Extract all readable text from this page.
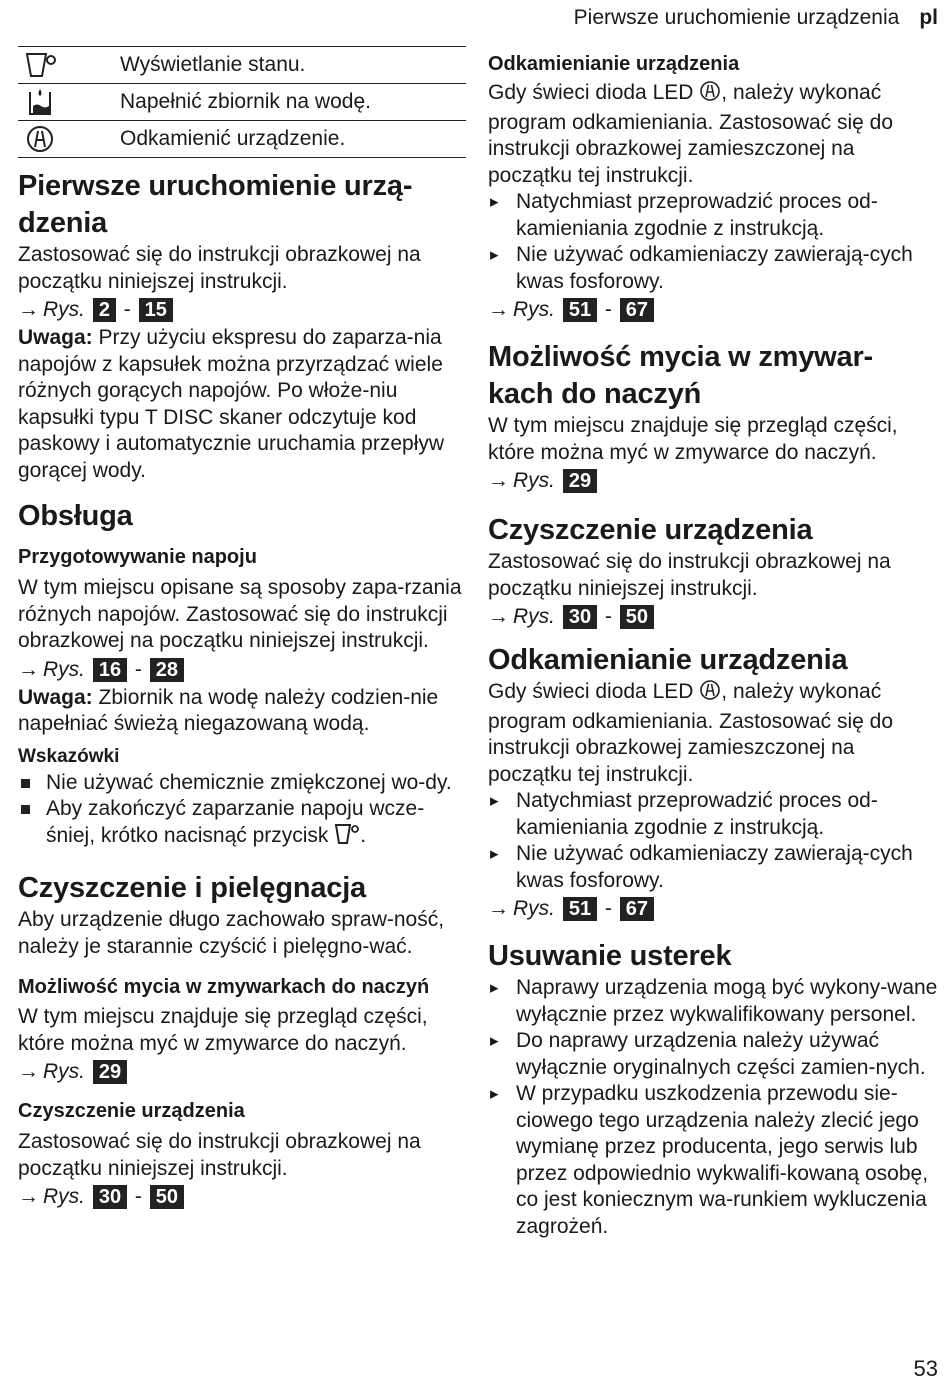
Pierwsze uruchomienie urządzenia pl
	Wyświetlanie stanu.

	Napełnić zbiornik na wodę.

	Odkamienić urządzenie.
Pierwsze uruchomienie urzą-
dzenia

Zastosować się do instrukcji obrazkowej na początku niniejszej instrukcji.

→ Rys. 2 - 15

Uwaga: Przy użyciu ekspresu do zaparza-nia napojów z kapsułek można przyrządzać wiele różnych gorących napojów. Po włoże-niu kapsułki typu T DISC skaner odczytuje kod paskowy i automatycznie uruchamia przepływ gorącej wody.

Obsługa
Przygotowywanie napoju

W tym miejscu opisane są sposoby zapa-rzania różnych napojów. Zastosować się do instrukcji obrazkowej na początku niniejszej instrukcji.

→ Rys. 16 - 28

Uwaga: Zbiornik na wodę należy codzien-nie napełniać świeżą niegazowaną wodą.

Wskazówki
Nie używać chemicznie zmiękczonej wo-dy.
Aby zakończyć zaparzanie napoju wcze-śniej, krótko nacisnąć przycisk .
Czyszczenie i pielęgnacja

Aby urządzenie długo zachowało spraw-ność, należy je starannie czyścić i pielęgno-wać.

Możliwość mycia w zmywarkach do naczyń

W tym miejscu znajduje się przegląd części, które można myć w zmywarce do naczyń.

→ Rys. 29

Czyszczenie urządzenia

Zastosować się do instrukcji obrazkowej na początku niniejszej instrukcji.

→ Rys. 30 - 50

Odkamienianie urządzenia

Gdy świeci dioda LED , należy wykonać program odkamieniania. Zastosować się do instrukcji obrazkowej zamieszczonej na początku tej instrukcji.

▸ Natychmiast przeprowadzić proces od-kamieniania zgodnie z instrukcją.
▸ Nie używać odkamieniaczy zawierają-cych kwas fosforowy.

→ Rys. 51 - 67

Możliwość mycia w zmywar-kach do naczyń

W tym miejscu znajduje się przegląd części, które można myć w zmywarce do naczyń.

→ Rys. 29

Czyszczenie urządzenia

Zastosować się do instrukcji obrazkowej na początku niniejszej instrukcji.

→ Rys. 30 - 50

Odkamienianie urządzenia

Gdy świeci dioda LED , należy wykonać program odkamieniania. Zastosować się do instrukcji obrazkowej zamieszczonej na początku tej instrukcji.

▸ Natychmiast przeprowadzić proces od-kamieniania zgodnie z instrukcją.
▸ Nie używać odkamieniaczy zawierają-cych kwas fosforowy.

→ Rys. 51 - 67

Usuwanie usterek
▸ Naprawy urządzenia mogą być wykony-wane wyłącznie przez wykwalifikowany personel.
▸ Do naprawy urządzenia należy używać wyłącznie oryginalnych części zamien-nych.
▸ W przypadku uszkodzenia przewodu sie-ciowego tego urządzenia należy zlecić jego wymianę przez producenta, jego serwis lub przez odpowiednio wykwalifi-kowaną osobę, co jest koniecznym wa-runkiem wykluczenia zagrożeń.
53
